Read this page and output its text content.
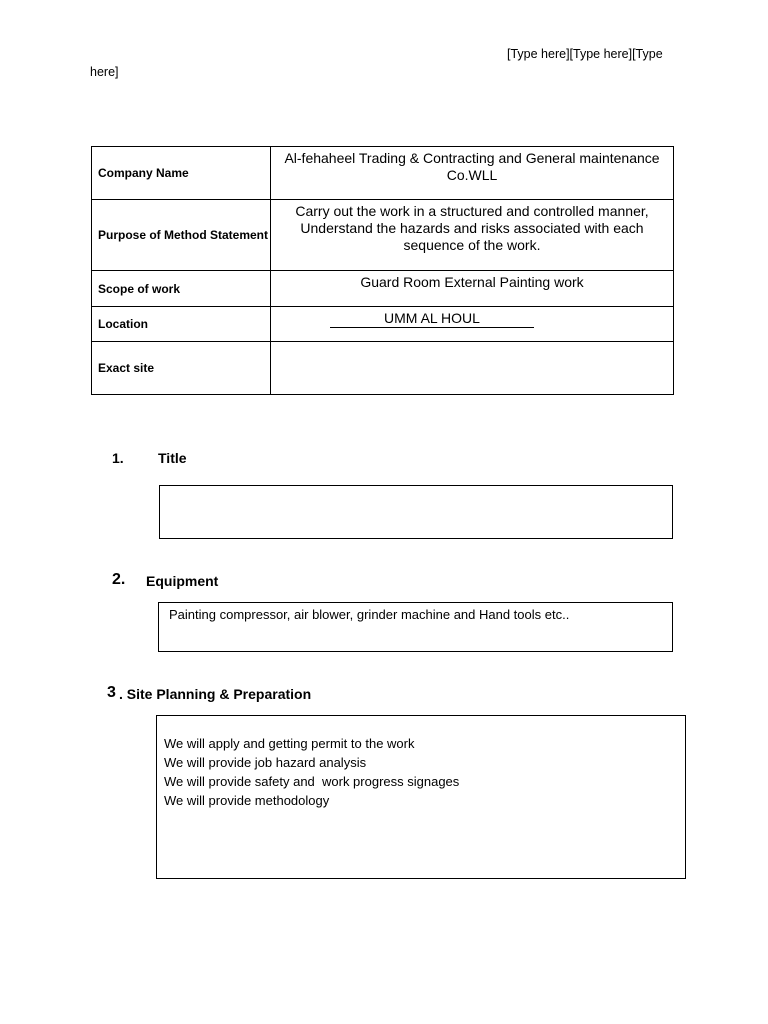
[Type here][Type here][Type
here]
Company Name	Al-fehaheel Trading & Contracting and General maintenance Co.WLL
Purpose of Method Statement	Carry out the work in a structured and controlled manner, Understand the hazards and risks associated with each sequence of the work.
Scope of work	Guard Room External Painting work
Location	UMM AL HOUL
Exact site	
1. Title
2. Equipment

Painting compressor, air blower, grinder machine and Hand tools etc..

3 . Site Planning & Preparation

We will apply and getting permit to the work

We will provide job hazard analysis

We will provide safety and  work progress signages

We will provide methodology
